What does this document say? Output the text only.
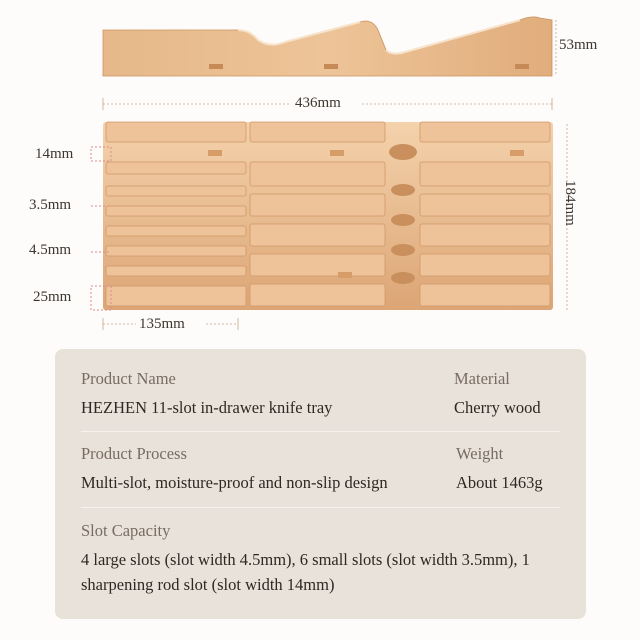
53mm
436mm
184mm
14mm
3.5mm
4.5mm
25mm
135mm
Product Name
HEZHEN 11-slot in-drawer knife tray
Material
Cherry wood
Product Process
Multi-slot, moisture-proof and non-slip design
Weight
About 1463g
Slot Capacity
4 large slots (slot width 4.5mm), 6 small slots (slot width 3.5mm), 1 sharpening rod slot (slot width 14mm)
